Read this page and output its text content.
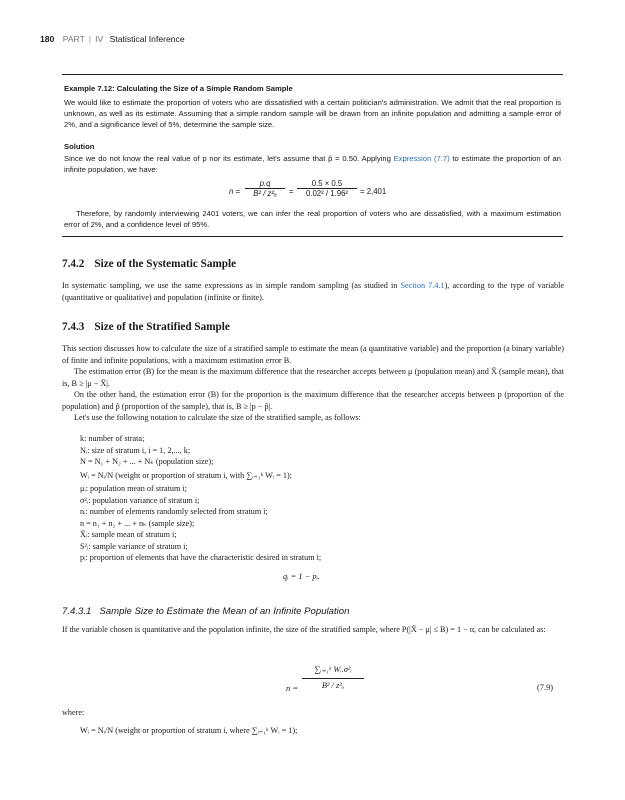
180 PART | IV Statistical Inference
Example 7.12: Calculating the Size of a Simple Random Sample
We would like to estimate the proportion of voters who are dissatisfied with a certain politician's administration. We admit that the real proportion is unknown, as well as its estimate. Assuming that a simple random sample will be drawn from an infinite population and admitting a sample error of 2%, and a significance level of 5%, determine the sample size.
Solution
Since we do not know the real value of p nor its estimate, let's assume that p̂ = 0.50. Applying Expression (7.7) to estimate the proportion of an infinite population, we have:
n =
p.q
B² / z²ₐ	=
0.5 × 0.5
0.02² / 1.96²	= 2,401
Therefore, by randomly interviewing 2401 voters, we can infer the real proportion of voters who are dissatisfied, with a maximum estimation error of 2%, and a confidence level of 95%.
7.4.2 Size of the Systematic Sample
In systematic sampling, we use the same expressions as in simple random sampling (as studied in Section 7.4.1), according to the type of variable (quantitative or qualitative) and population (infinite or finite).
7.4.3 Size of the Stratified Sample
This section discusses how to calculate the size of a stratified sample to estimate the mean (a quantitative variable) and the proportion (a binary variable) of finite and infinite populations, with a maximum estimation error B.
The estimation error (B) for the mean is the maximum difference that the researcher accepts between μ (population mean) and X̄ (sample mean), that is, B ≥ |μ − X̄|.
On the other hand, the estimation error (B) for the proportion is the maximum difference that the researcher accepts between p (proportion of the population) and p̂ (proportion of the sample), that is, B ≥ |p − p̂|.
Let's use the following notation to calculate the size of the stratified sample, as follows:
k: number of strata;
Nᵢ: size of stratum i, i = 1, 2,..., k;
N = N₁ + N₂ + ... + Nₖ (population size);
Wᵢ = Nᵢ/N (weight or proportion of stratum i, with ∑ᵢ₌₁ᵏ Wᵢ = 1);
μᵢ: population mean of stratum i;
σ²ᵢ: population variance of stratum i;
nᵢ: number of elements randomly selected from stratum i;
n = n₁ + n₂ + ... + nₖ (sample size);
X̄ᵢ: sample mean of stratum i;
S²ᵢ: sample variance of stratum i;
pᵢ: proportion of elements that have the characteristic desired in stratum i;
qᵢ = 1 − pᵢ.
7.4.3.1 Sample Size to Estimate the Mean of an Infinite Population
If the variable chosen is quantitative and the population infinite, the size of the stratified sample, where P(|X̄ − μ| ≤ B) = 1 − α, can be calculated as:
n =
∑ᵢ₌₁ᵏ Wᵢ.σ²ᵢ
B² / z²ₐ	(7.9)
where:
Wᵢ = Nᵢ/N (weight or proportion of stratum i, where ∑ᵢ₌₁ᵏ Wᵢ = 1);
